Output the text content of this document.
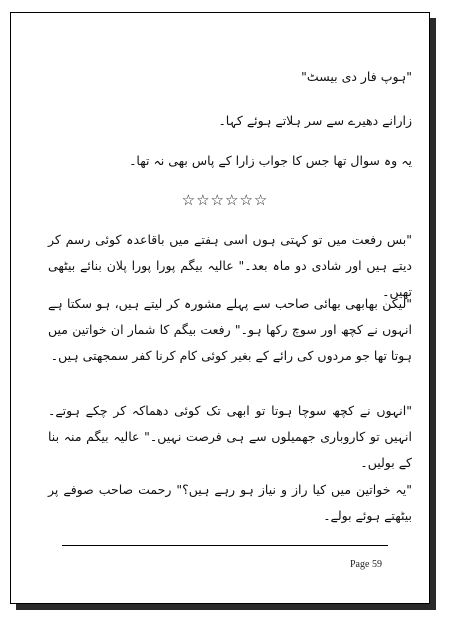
"ہوپ فار دی بیسٹ"
زارانے دھیرے سے سر ہلاتے ہوئے کہا۔
یہ وہ سوال تھا جس کا جواب زارا کے پاس بھی نہ تھا۔
☆☆☆☆☆☆
"بس رفعت میں تو کہتی ہوں اسی ہفتے میں باقاعدہ کوئی رسم کر دیتے ہیں اور شادی دو ماہ بعد۔" عالیہ بیگم پورا پورا پلان بنائے بیٹھی تھیں۔
"لیکن بھابھی بھائی صاحب سے پہلے مشورہ کر لیتے ہیں، ہو سکتا ہے انہوں نے کچھ اور سوچ رکھا ہو۔" رفعت بیگم کا شمار ان خواتین میں ہوتا تھا جو مردوں کی رائے کے بغیر کوئی کام کرنا کفر سمجھتی ہیں۔
"انہوں نے کچھ سوچا ہوتا تو ابھی تک کوئی دھماکہ کر چکے ہوتے۔ انہیں تو کاروباری جھمیلوں سے ہی فرصت نہیں۔" عالیہ بیگم منہ بنا کے بولیں۔
"یہ خواتین میں کیا راز و نیاز ہو رہے ہیں؟" رحمت صاحب صوفے پر بیٹھتے ہوئے بولے۔
Page 59
